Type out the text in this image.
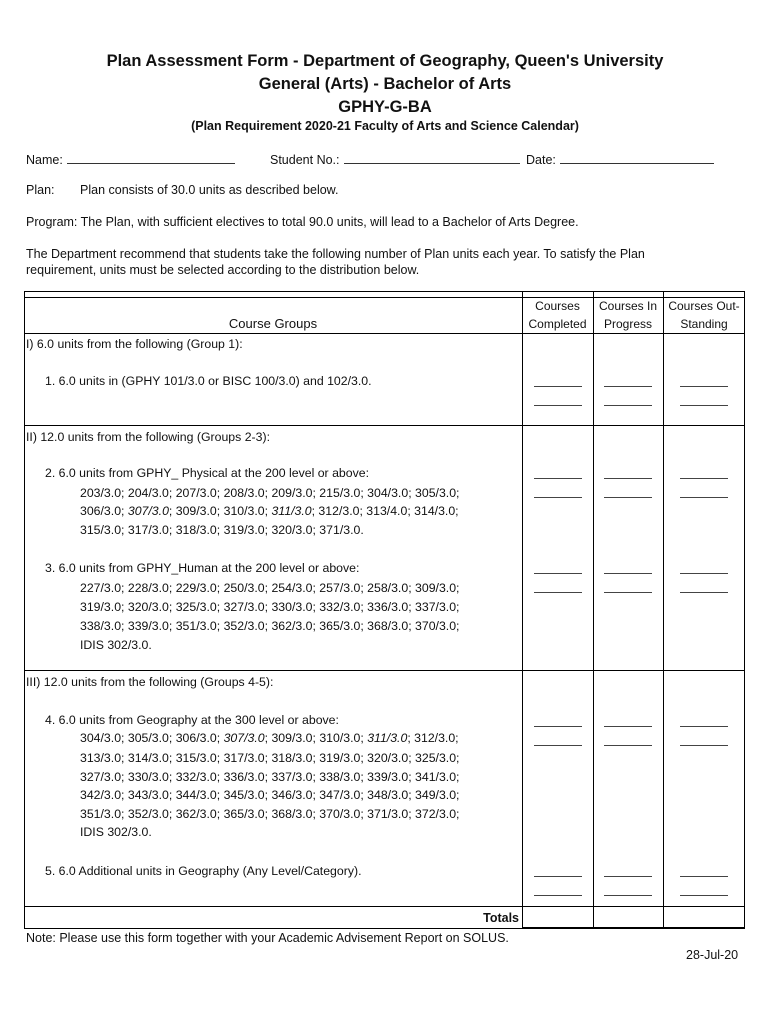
Plan Assessment Form - Department of Geography, Queen's University
General (Arts) - Bachelor of Arts
GPHY-G-BA
(Plan Requirement 2020-21 Faculty of Arts and Science Calendar)
Name:	Student No.:	Date:
Plan: Plan consists of 30.0 units as described below.
Program: The Plan, with sufficient electives to total 90.0 units, will lead to a Bachelor of Arts Degree.
The Department recommend that students take the following number of Plan units each year. To satisfy the Plan
requirement, units must be selected according to the distribution below.
Course Groups
Courses
Completed
Courses In
Progress
Courses Out-
Standing
I) 6.0 units from the following (Group 1):
1. 6.0 units in (GPHY 101/3.0 or BISC 100/3.0) and 102/3.0.
II) 12.0 units from the following (Groups 2-3):
2. 6.0 units from GPHY_ Physical at the 200 level or above:
203/3.0; 204/3.0; 207/3.0; 208/3.0; 209/3.0; 215/3.0; 304/3.0; 305/3.0;
306/3.0; 307/3.0; 309/3.0; 310/3.0; 311/3.0; 312/3.0; 313/4.0; 314/3.0;
315/3.0; 317/3.0; 318/3.0; 319/3.0; 320/3.0; 371/3.0.
3. 6.0 units from GPHY_Human at the 200 level or above:
227/3.0; 228/3.0; 229/3.0; 250/3.0; 254/3.0; 257/3.0; 258/3.0; 309/3.0;
319/3.0; 320/3.0; 325/3.0; 327/3.0; 330/3.0; 332/3.0; 336/3.0; 337/3.0;
338/3.0; 339/3.0; 351/3.0; 352/3.0; 362/3.0; 365/3.0; 368/3.0; 370/3.0;
IDIS 302/3.0.
III) 12.0 units from the following (Groups 4-5):
4. 6.0 units from Geography at the 300 level or above:
304/3.0; 305/3.0; 306/3.0; 307/3.0; 309/3.0; 310/3.0; 311/3.0; 312/3.0;
313/3.0; 314/3.0; 315/3.0; 317/3.0; 318/3.0; 319/3.0; 320/3.0; 325/3.0;
327/3.0; 330/3.0; 332/3.0; 336/3.0; 337/3.0; 338/3.0; 339/3.0; 341/3.0;
342/3.0; 343/3.0; 344/3.0; 345/3.0; 346/3.0; 347/3.0; 348/3.0; 349/3.0;
351/3.0; 352/3.0; 362/3.0; 365/3.0; 368/3.0; 370/3.0; 371/3.0; 372/3.0;
IDIS 302/3.0.
5. 6.0 Additional units in Geography (Any Level/Category).
Totals
Note: Please use this form together with your Academic Advisement Report on SOLUS.
28-Jul-20
